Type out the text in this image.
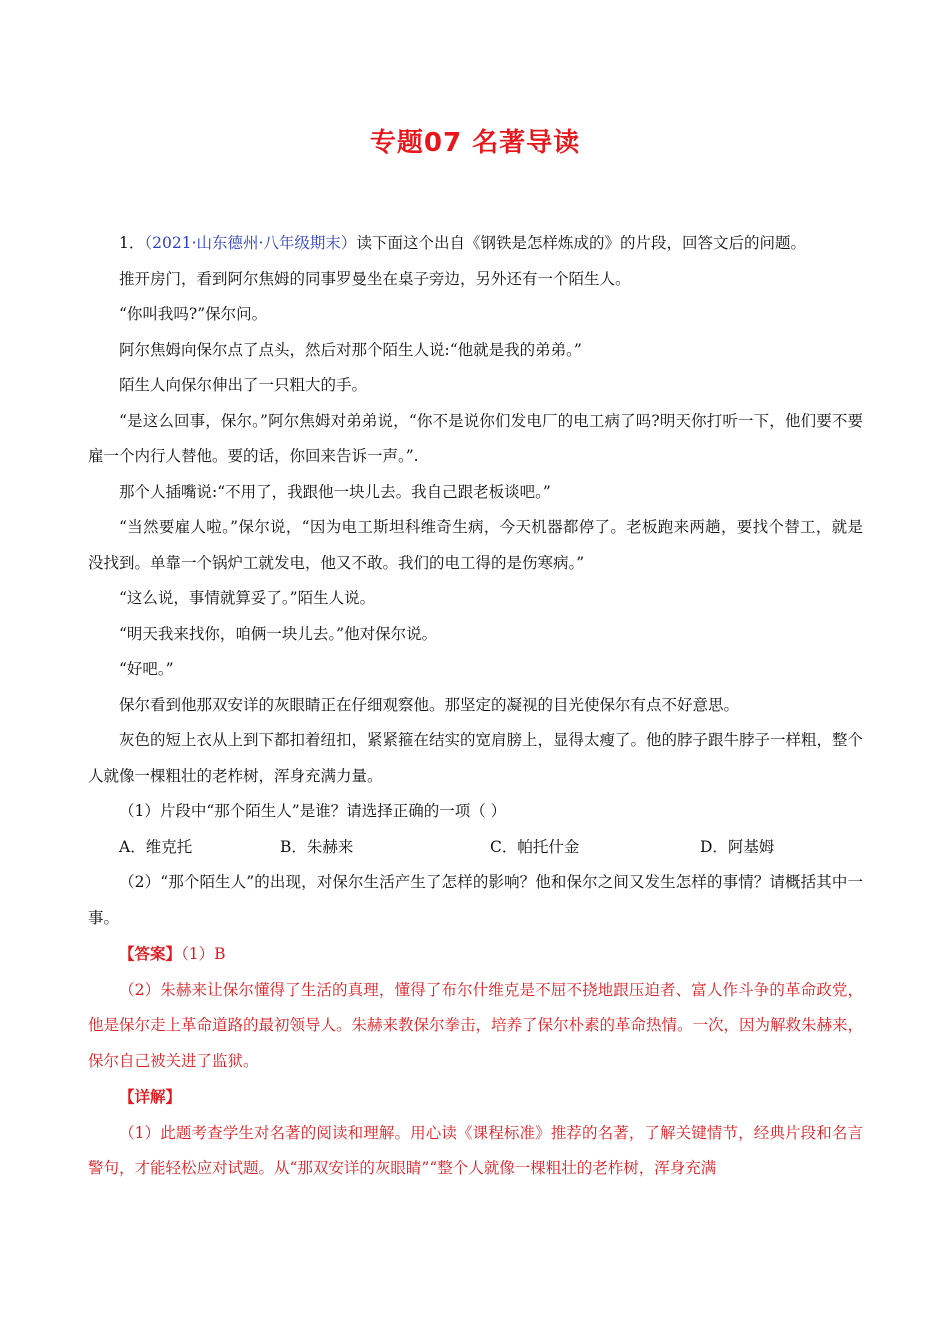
专题07 名著导读

1．（2021·山东德州·八年级期末）读下面这个出自《钢铁是怎样炼成的》的片段，回答文后的问题。

推开房门，看到阿尔焦姆的同事罗曼坐在桌子旁边，另外还有一个陌生人。

“你叫我吗?”保尔问。

阿尔焦姆向保尔点了点头，然后对那个陌生人说:“他就是我的弟弟。”

陌生人向保尔伸出了一只粗大的手。

“是这么回事，保尔。”阿尔焦姆对弟弟说，“你不是说你们发电厂的电工病了吗?明天你打听一下，他们要不要雇一个内行人替他。要的话，你回来告诉一声。”.

那个人插嘴说:“不用了，我跟他一块儿去。我自己跟老板谈吧。”

“当然要雇人啦。”保尔说，“因为电工斯坦科维奇生病，今天机器都停了。老板跑来两趟，要找个替工，就是没找到。单靠一个锅炉工就发电，他又不敢。我们的电工得的是伤寒病。”

“这么说，事情就算妥了。”陌生人说。

“明天我来找你，咱俩一块儿去。”他对保尔说。

“好吧。”

保尔看到他那双安详的灰眼睛正在仔细观察他。那坚定的凝视的目光使保尔有点不好意思。

灰色的短上衣从上到下都扣着纽扣，紧紧箍在结实的宽肩膀上，显得太瘦了。他的脖子跟牛脖子一样粗，整个人就像一棵粗壮的老柞树，浑身充满力量。

（1）片段中“那个陌生人”是谁？请选择正确的一项（ ）

A．维克托	B．朱赫来	C．帕托什金	D．阿基姆

（2）“那个陌生人”的出现，对保尔生活产生了怎样的影响？他和保尔之间又发生怎样的事情？请概括其中一事。

【答案】（1）B

（2）朱赫来让保尔懂得了生活的真理，懂得了布尔什维克是不屈不挠地跟压迫者、富人作斗争的革命政党，他是保尔走上革命道路的最初领导人。朱赫来教保尔拳击，培养了保尔朴素的革命热情。一次，因为解救朱赫来，保尔自己被关进了监狱。

【详解】

（1）此题考查学生对名著的阅读和理解。用心读《课程标准》推荐的名著，了解关键情节，经典片段和名言警句，才能轻松应对试题。从“那双安详的灰眼睛”“整个人就像一棵粗壮的老柞树，浑身充满
